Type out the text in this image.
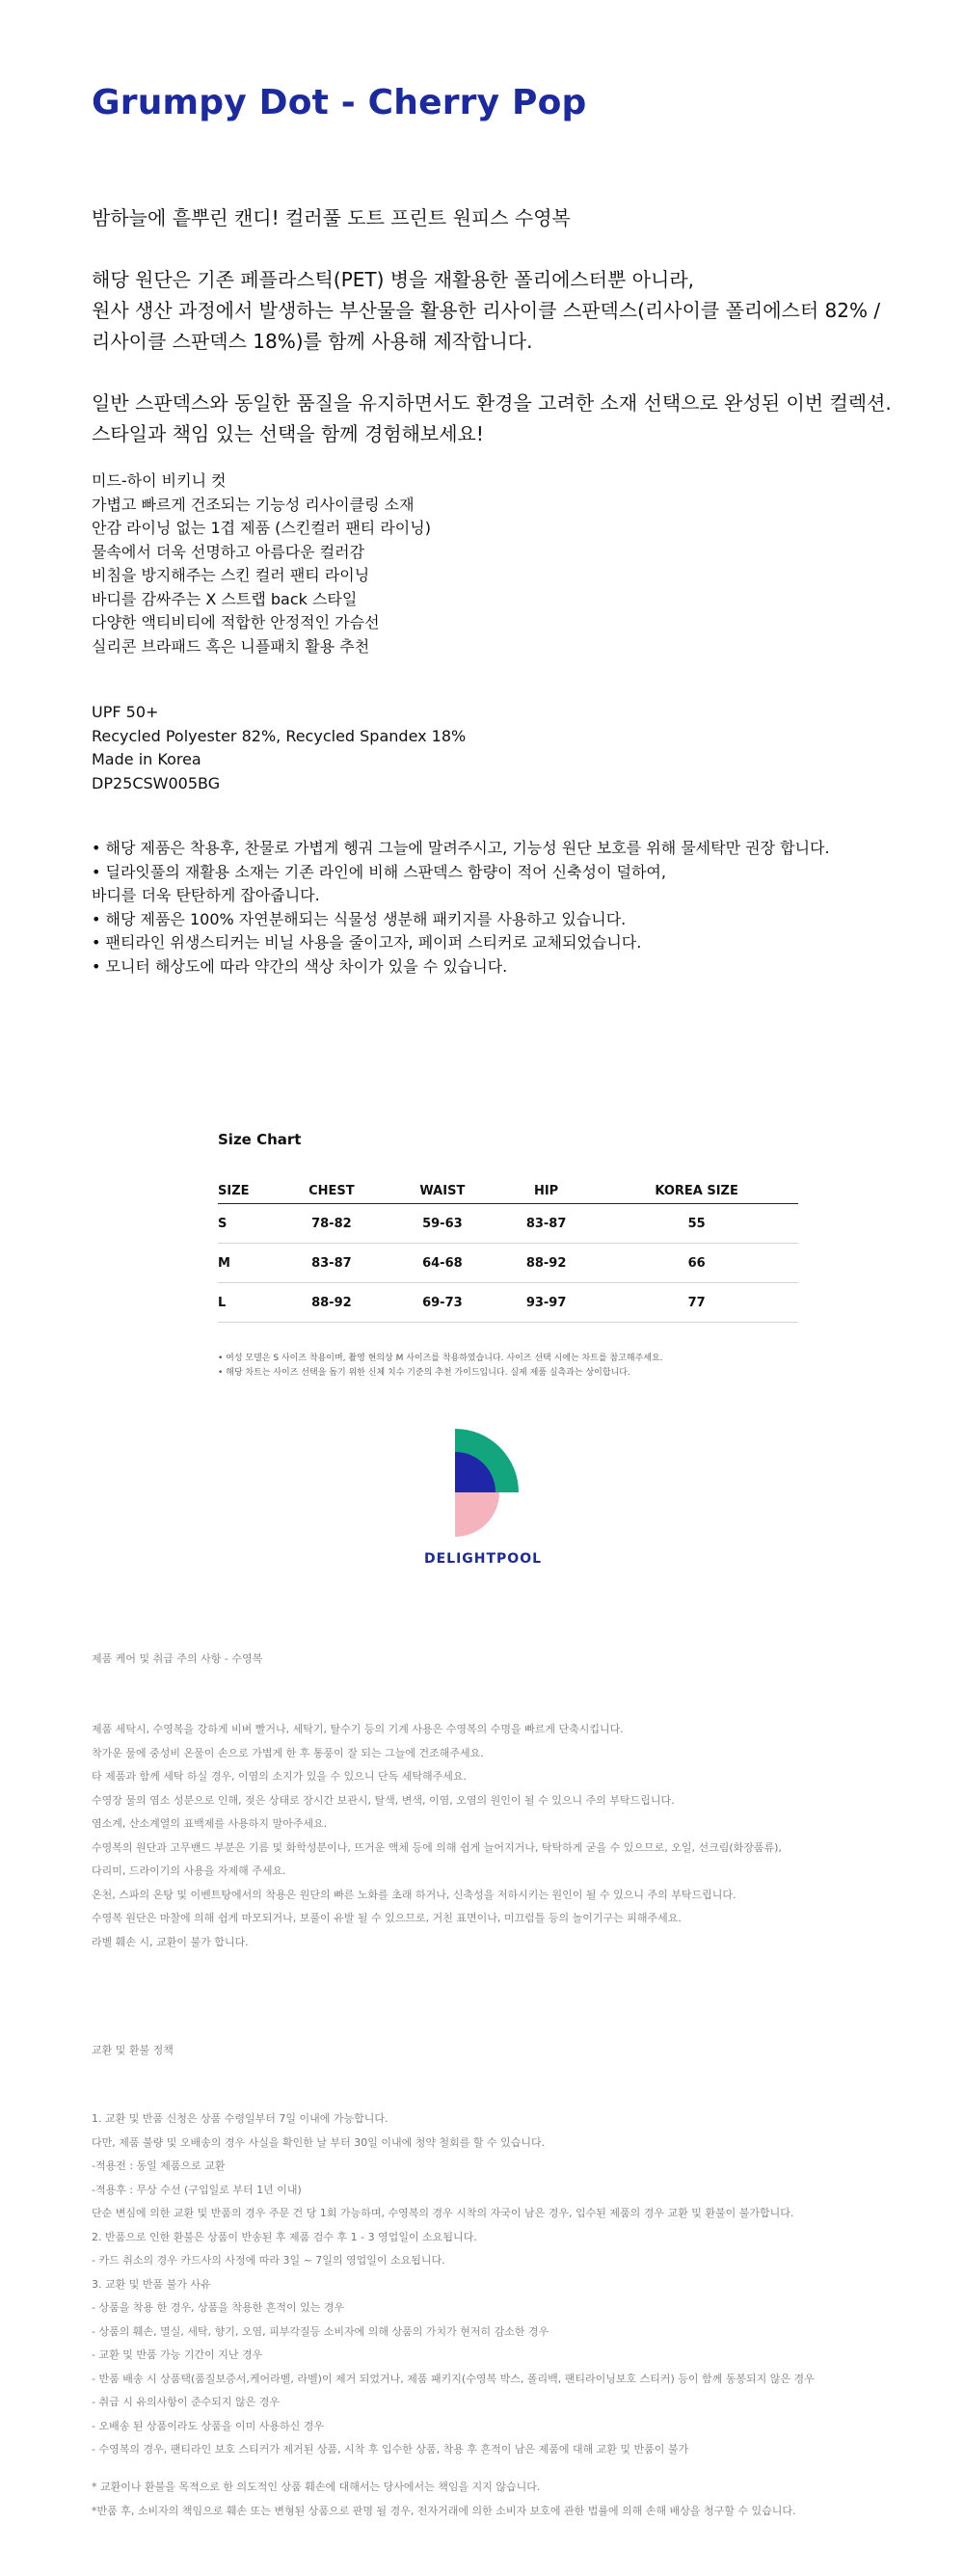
Grumpy Dot - Cherry Pop

밤하늘에 흩뿌린 캔디! 컬러풀 도트 프린트 원피스 수영복

해당 원단은 기존 페플라스틱(PET) 병을 재활용한 폴리에스터뿐 아니라,
원사 생산 과정에서 발생하는 부산물을 활용한 리사이클 스판덱스(리사이클 폴리에스터 82% /
리사이클 스판덱스 18%)를 함께 사용해 제작합니다.

일반 스판덱스와 동일한 품질을 유지하면서도 환경을 고려한 소재 선택으로 완성된 이번 컬렉션.
스타일과 책임 있는 선택을 함께 경험해보세요!

미드-하이 비키니 컷
가볍고 빠르게 건조되는 기능성 리사이클링 소재
안감 라이닝 없는 1겹 제품 (스킨컬러 팬티 라이닝)
물속에서 더욱 선명하고 아름다운 컬러감
비침을 방지해주는 스킨 컬러 팬티 라이닝
바디를 감싸주는 X 스트랩 back 스타일
다양한 액티비티에 적합한 안정적인 가슴선
실리콘 브라패드 혹은 니플패치 활용 추천
UPF 50+
Recycled Polyester 82%, Recycled Spandex 18%
Made in Korea
DP25CSW005BG
• 해당 제품은 착용후, 찬물로 가볍게 헹궈 그늘에 말려주시고, 기능성 원단 보호를 위해 물세탁만 권장 합니다.
• 딜라잇풀의 재활용 소재는 기존 라인에 비해 스판덱스 함량이 적어 신축성이 덜하여,
바디를 더욱 탄탄하게 잡아줍니다.
• 해당 제품은 100% 자연분해되는 식물성 생분해 패키지를 사용하고 있습니다.
• 팬티라인 위생스티커는 비닐 사용을 줄이고자, 페이퍼 스티커로 교체되었습니다.
• 모니터 해상도에 따라 약간의 색상 차이가 있을 수 있습니다.
Size Chart
SIZE	CHEST	WAIST	HIP	KOREA SIZE
S	78-82	59-63	83-87	55
M	83-87	64-68	88-92	66
L	88-92	69-73	93-97	77
• 여성 모델은 S 사이즈 착용이며, 촬영 현의상 M 사이즈를 착용하였습니다. 사이즈 선택 시에는 차트를 참고해주세요.
• 해당 차트는 사이즈 선택을 돕기 위한 신체 치수 기준의 추천 가이드입니다. 실제 제품 실측과는 상이합니다.
DELIGHTPOOL
제품 케어 및 취급 주의 사항 - 수영복
제품 세탁시, 수영복을 강하게 비벼 빨거나, 세탁기, 탈수기 등의 기계 사용은 수영복의 수명을 빠르게 단축시킵니다.
착가운 물에 중성비 온물이 손으로 가볍게 한 후 통풍이 잘 되는 그늘에 건조해주세요.
타 제품과 함께 세탁 하실 경우, 이염의 소지가 있을 수 있으니 단독 세탁해주세요.
수영장 물의 염소 성분으로 인해, 젖은 상태로 장시간 보관시, 탈색, 변색, 이염, 오염의 원인이 될 수 있으니 주의 부탁드립니다.
염소계, 산소계열의 표백제를 사용하지 말아주세요.
수영복의 원단과 고무밴드 부분은 기름 및 화학성분이나, 뜨거운 액체 등에 의해 쉽게 늘어지거나, 탁탁하게 굳을 수 있으므로, 오일, 선크림(화장품류),
다리미, 드라이기의 사용을 자제해 주세요.
온천, 스파의 온탕 및 이벤트탕에서의 착용은 원단의 빠른 노화를 초래 하거나, 신축성을 저하시키는 원인이 될 수 있으니 주의 부탁드립니다.
수영복 원단은 마찰에 의해 쉽게 마모되거나, 보풀이 유발 될 수 있으므로, 거친 표면이나, 미끄럼틀 등의 놀이기구는 피해주세요.
라벨 훼손 시, 교환이 불가 합니다.
교환 및 환불 정책
1. 교환 및 반품 신청은 상품 수령일부터 7일 이내에 가능합니다.
다만, 제품 불량 및 오배송의 경우 사실을 확인한 날 부터 30일 이내에 청약 철회를 할 수 있습니다.
-적용전 : 동일 제품으로 교환
-적용후 : 무상 수선 (구입일로 부터 1년 이내)
단순 변심에 의한 교환 및 반품의 경우 주문 건 당 1회 가능하며, 수영복의 경우 시착의 자국이 남은 경우, 입수된 제품의 경우 교환 및 환불이 불가합니다.
2. 반품으로 인한 환불은 상품이 반송된 후 제품 검수 후 1 - 3 영업일이 소요됩니다.
- 카드 취소의 경우 카드사의 사정에 따라 3일 ~ 7일의 영업일이 소요됩니다.
3. 교환 및 반품 불가 사유
- 상품을 착용 한 경우, 상품을 착용한 흔적이 있는 경우
- 상품의 훼손, 멸실, 세탁, 향기, 오염, 피부각질등 소비자에 의해 상품의 가치가 현저히 감소한 경우
- 교환 및 반품 가능 기간이 지난 경우
- 반품 배송 시 상품택(품질보증서,케어라벨, 라벨)이 제거 되었거나, 제품 패키지(수영복 박스, 폴리백, 팬티라이닝보호 스티커) 등이 함께 동봉되지 않은 경우
- 취급 시 유의사항이 준수되지 않은 경우
- 오배송 된 상품이라도 상품을 이미 사용하신 경우
- 수영복의 경우, 팬티라인 보호 스티커가 제거된 상품, 시착 후 입수한 상품, 착용 후 흔적이 남은 제품에 대해 교환 및 반품이 불가
* 교환이나 환불을 목적으로 한 의도적인 상품 훼손에 대해서는 당사에서는 책임을 지지 않습니다.
*반품 후, 소비자의 책임으로 훼손 또는 변형된 상품으로 판명 될 경우, 전자거래에 의한 소비자 보호에 관한 법률에 의해 손해 배상을 청구할 수 있습니다.
